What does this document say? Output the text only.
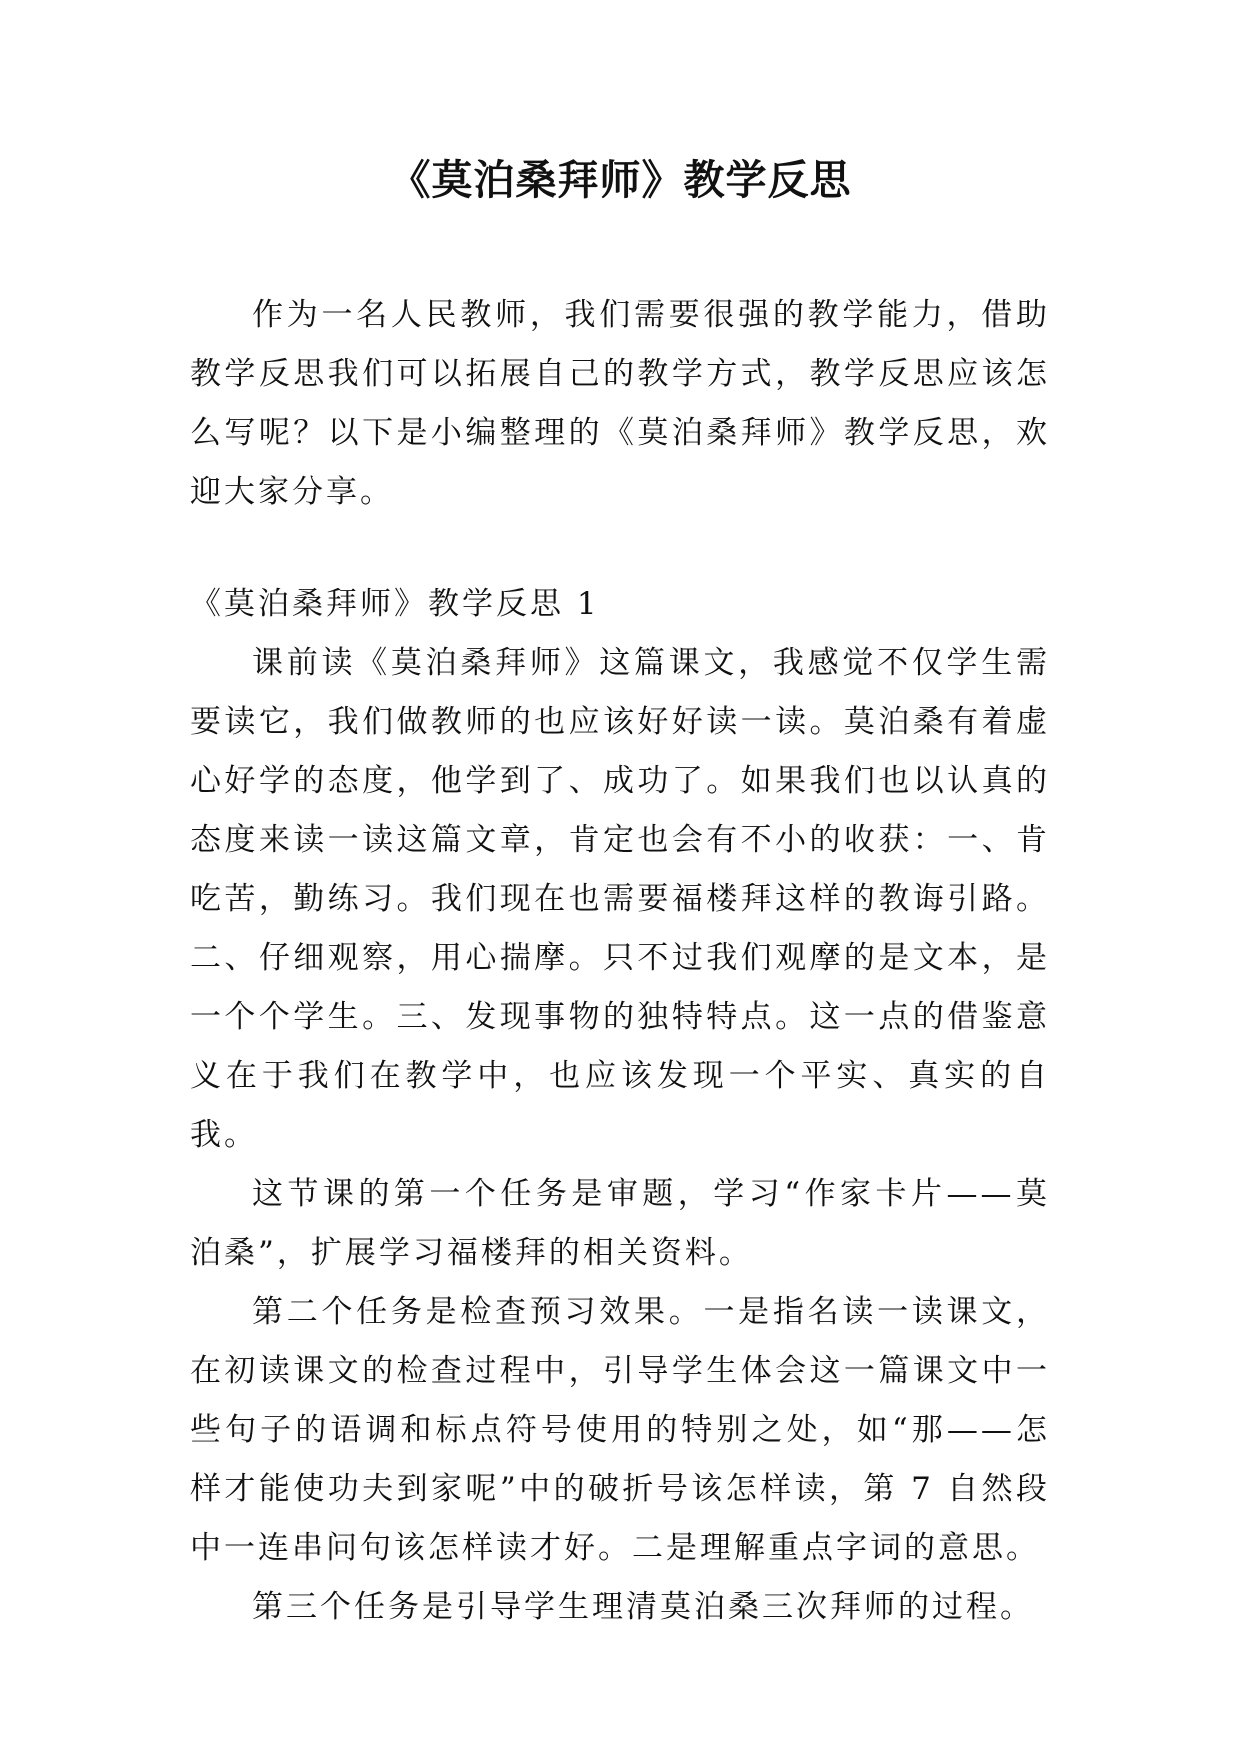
《莫泊桑拜师》教学反思

作为一名人民教师，我们需要很强的教学能力，借助教学反思我们可以拓展自己的教学方式，教学反思应该怎么写呢？以下是小编整理的《莫泊桑拜师》教学反思，欢迎大家分享。

《莫泊桑拜师》教学反思 1

课前读《莫泊桑拜师》这篇课文，我感觉不仅学生需要读它，我们做教师的也应该好好读一读。莫泊桑有着虚心好学的态度，他学到了、成功了。如果我们也以认真的态度来读一读这篇文章，肯定也会有不小的收获：一、肯吃苦，勤练习。我们现在也需要福楼拜这样的教诲引路。二、仔细观察，用心揣摩。只不过我们观摩的是文本，是一个个学生。三、发现事物的独特特点。这一点的借鉴意义在于我们在教学中，也应该发现一个平实、真实的自我。

这节课的第一个任务是审题，学习“作家卡片——莫泊桑”，扩展学习福楼拜的相关资料。

第二个任务是检查预习效果。一是指名读一读课文，在初读课文的检查过程中，引导学生体会这一篇课文中一些句子的语调和标点符号使用的特别之处，如“那——怎样才能使功夫到家呢”中的破折号该怎样读，第 7 自然段中一连串问句该怎样读才好。二是理解重点字词的意思。

第三个任务是引导学生理清莫泊桑三次拜师的过程。
